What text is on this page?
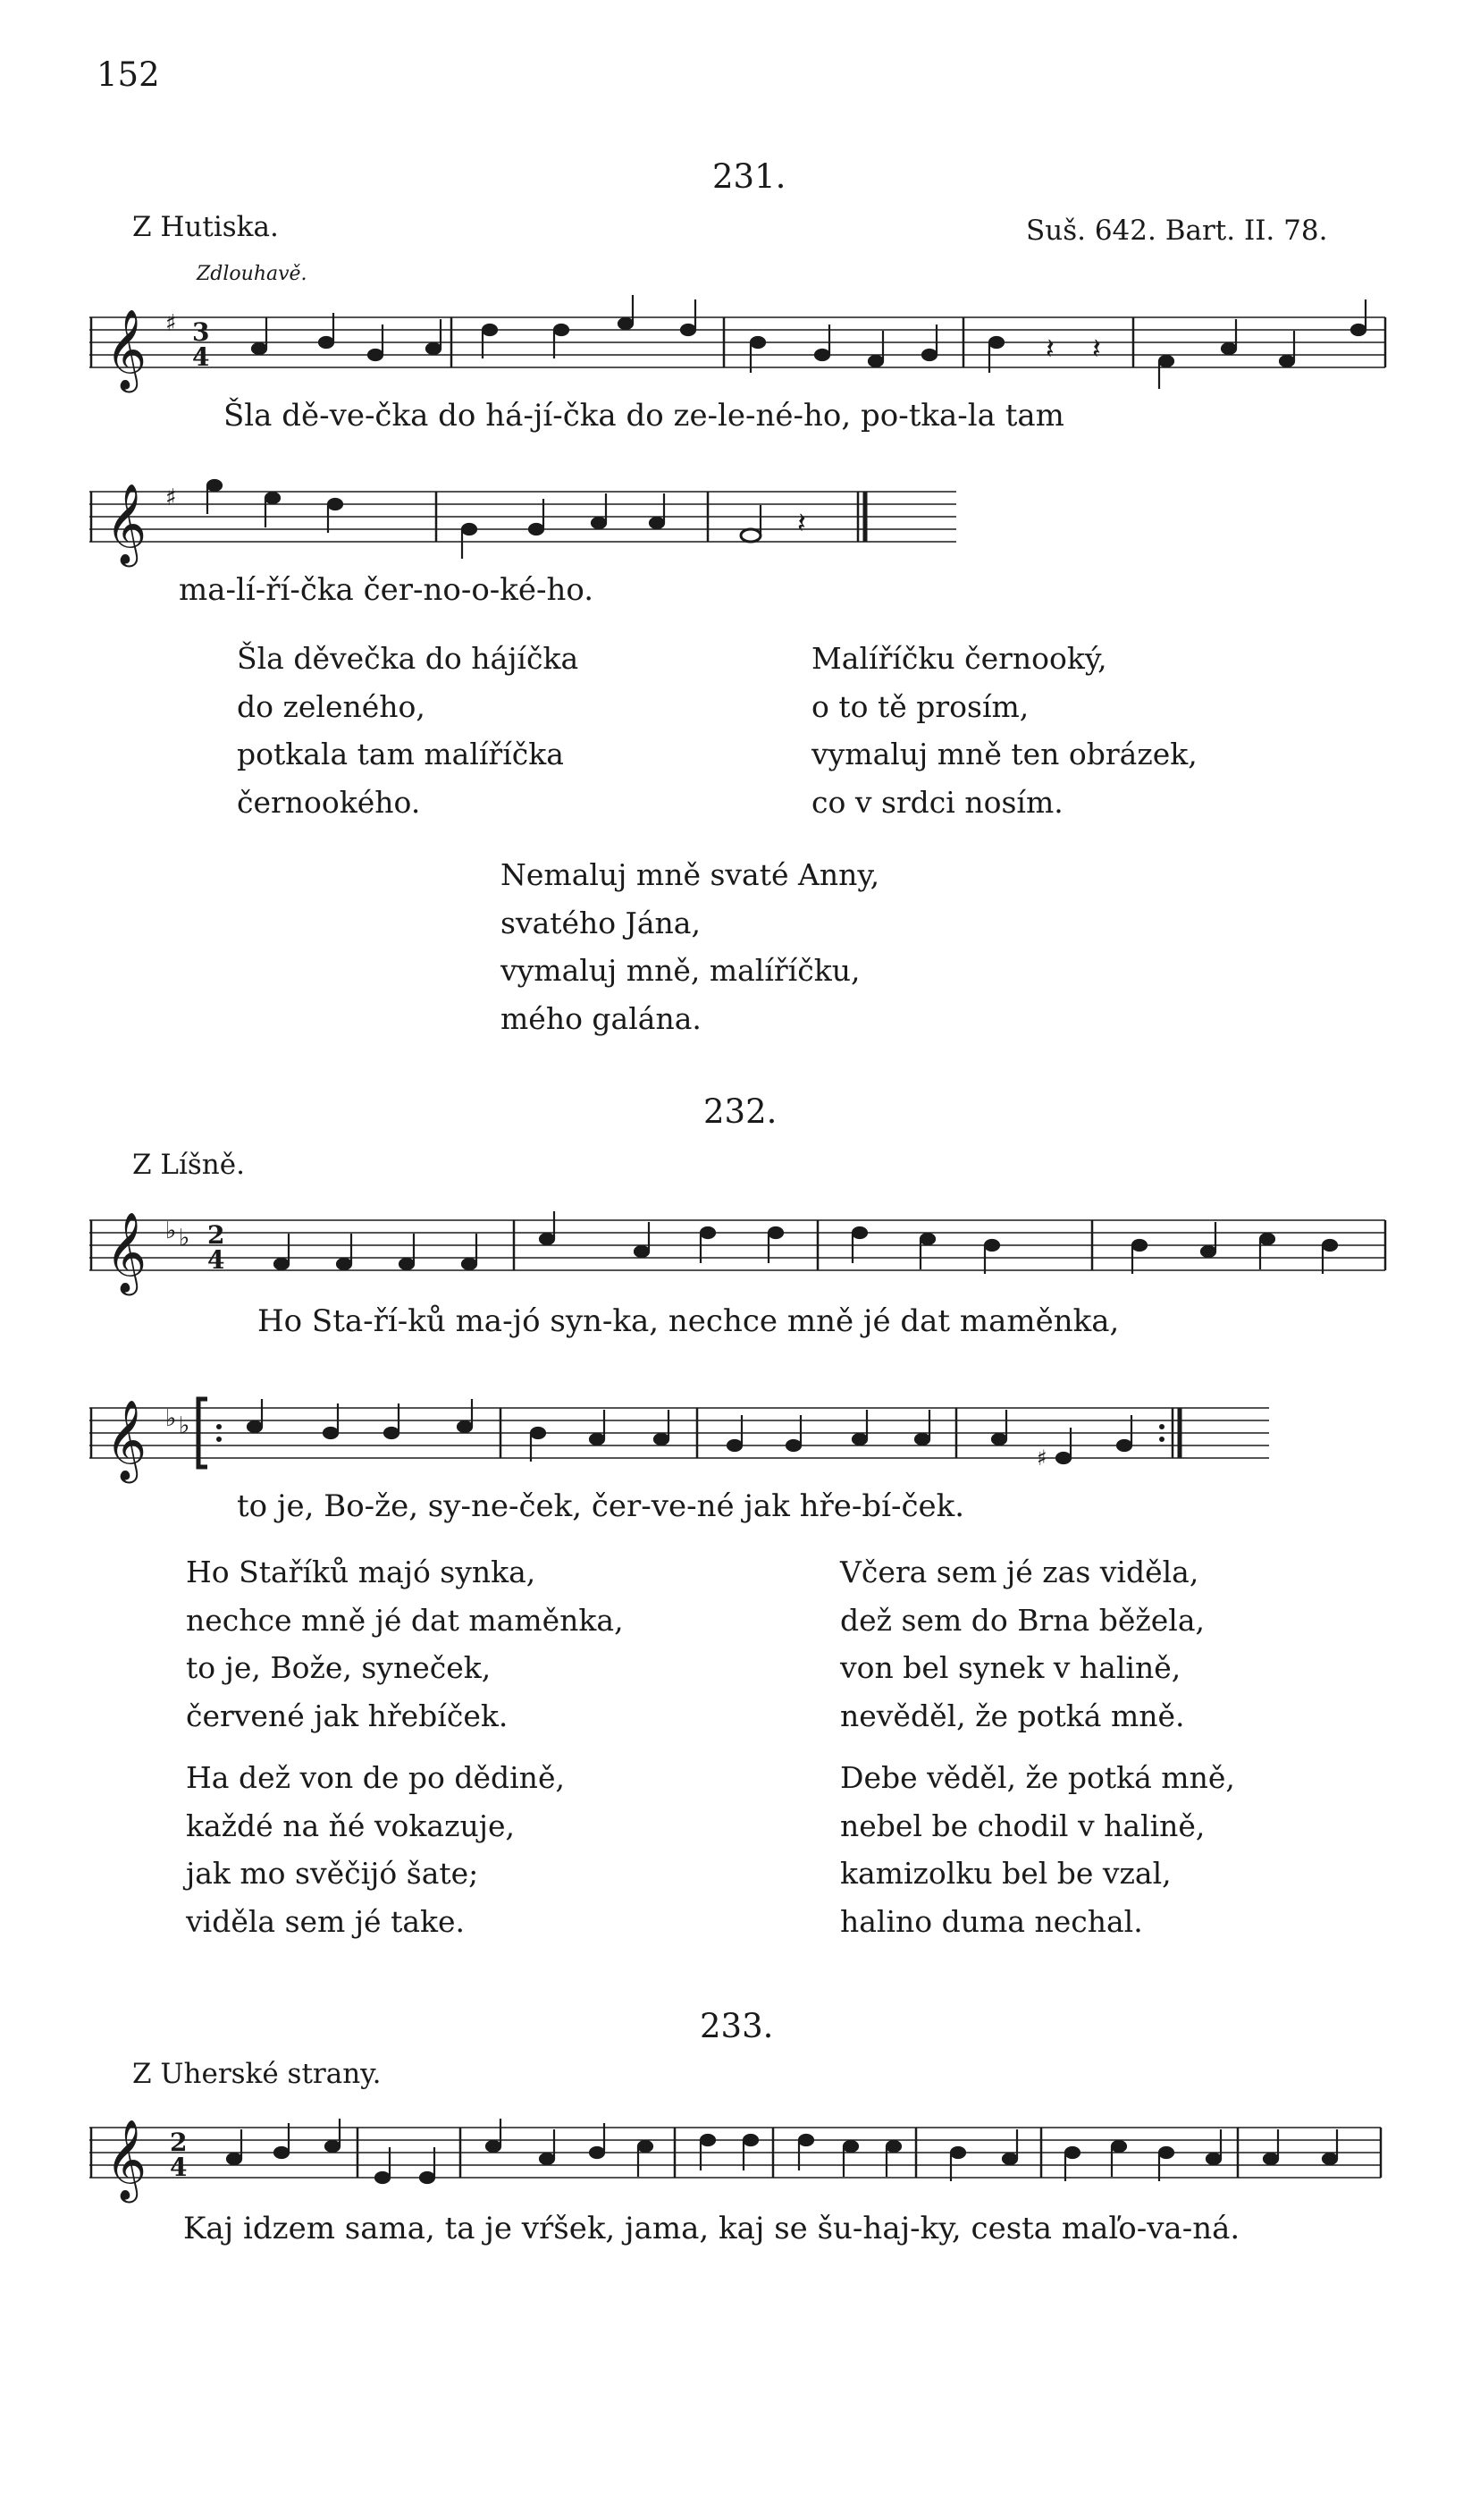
152
231.
Z Hutiska.	Suš. 642. Bart. II. 78.
Zdlouhavě.
𝄞 ♯ 3
4	𝄽 𝄽
Šla dě-ve-čka do há-jí-čka do ze-le-né-ho, po-tka-la tam
𝄞 ♯
𝄽
ma-lí-ří-čka čer-no-o-ké-ho.
Šla děvečka do hájíčka
do zeleného,
potkala tam malíříčka
černookého.
Malíříčku černooký,
o to tě prosím,
vymaluj mně ten obrázek,
co v srdci nosím.
Nemaluj mně svaté Anny,
svatého Jána,
vymaluj mně, malíříčku,
mého galána.
232.
Z Líšně.
𝄞 ♭ ♭ 2
4
Ho Sta-ří-ků ma-jó syn-ka, nechce mně jé dat maměnka,
𝄞 ♭ ♭
♯
to je, Bo-že, sy-ne-ček, čer-ve-né jak hře-bí-ček.
Ho Staříků majó synka,
nechce mně jé dat maměnka,
to je, Bože, syneček,
červené jak hřebíček.
Včera sem jé zas viděla,
dež sem do Brna běžela,
von bel synek v halině,
nevěděl, že potká mně.
Ha dež von de po dědině,
každé na ňé vokazuje,
jak mo svěčijó šate;
viděla sem jé take.
Debe věděl, že potká mně,
nebel be chodil v halině,
kamizolku bel be vzal,
halino duma nechal.
233.
Z Uherské strany.
𝄞 2
4
Kaj idzem sama, ta je vŕšek, jama, kaj se šu-haj-ky, cesta maľo-va-ná.
